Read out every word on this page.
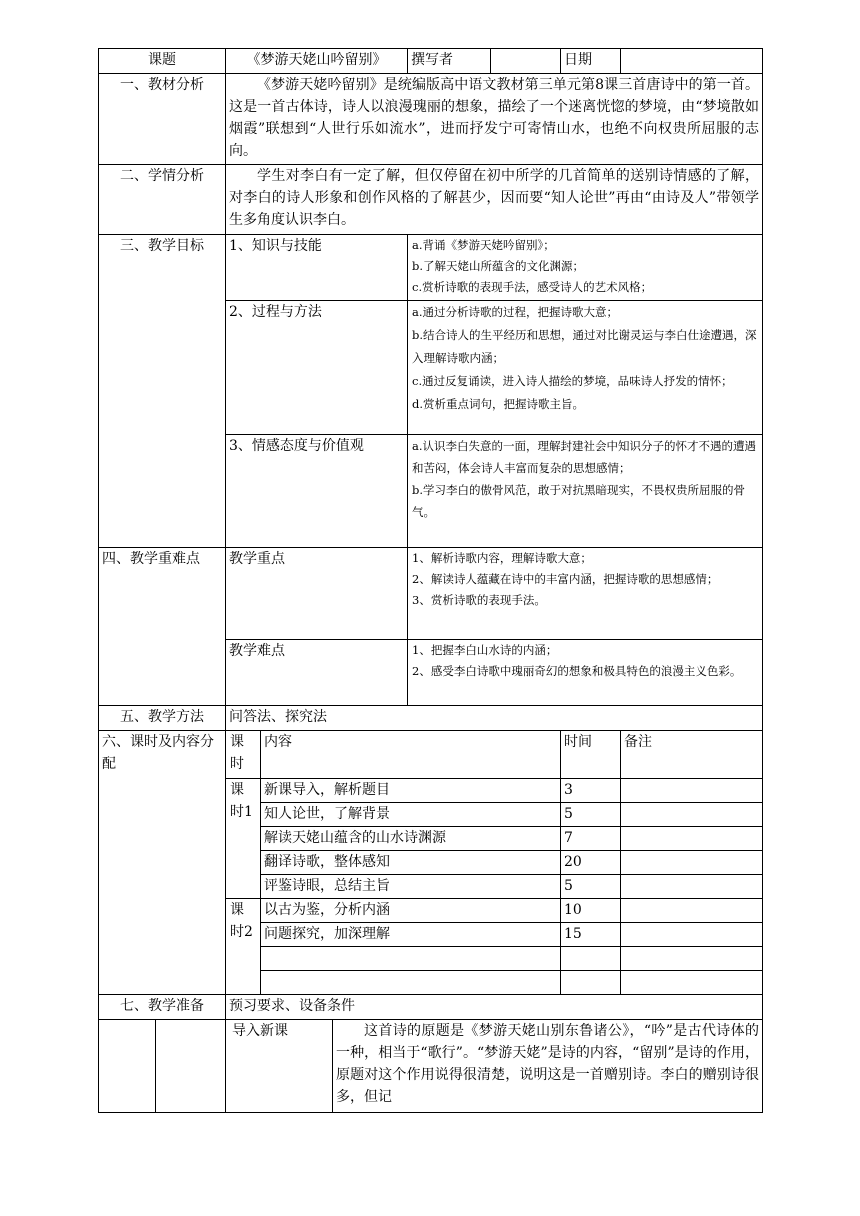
课题		《梦游天姥山吟留别》			撰写者		日期	
一、教材分析		《梦游天姥吟留别》是统编版高中语文教材第三单元第8课三首唐诗中的第一首。这是一首古体诗，诗人以浪漫瑰丽的想象，描绘了一个迷离恍惚的梦境，由“梦境散如烟霞”联想到“人世行乐如流水”，进而抒发宁可寄情山水，也绝不向权贵所屈服的志向。						
二、学情分析		学生对李白有一定了解，但仅停留在初中所学的几首简单的送别诗情感的了解，对李白的诗人形象和创作风格的了解甚少，因而要“知人论世”再由“由诗及人”带领学生多角度认识李白。						
三、教学目标		1、知识与技能			a.背诵《梦游天姥吟留别》；
b.了解天姥山所蕴含的文化渊源；
c.赏析诗歌的表现手法，感受诗人的艺术风格；			

		2、过程与方法			a.通过分析诗歌的过程，把握诗歌大意；
b.结合诗人的生平经历和思想，通过对比谢灵运与李白仕途遭遇，深入理解诗歌内涵；
c.通过反复诵读，进入诗人描绘的梦境，品味诗人抒发的情怀；
d.赏析重点词句，把握诗歌主旨。			

		3、情感态度与价值观			a.认识李白失意的一面，理解封建社会中知识分子的怀才不遇的遭遇和苦闷，体会诗人丰富而复杂的思想感情；
b.学习李白的傲骨风范，敢于对抗黑暗现实，不畏权贵所屈服的骨气。			

四、教学重难点		教学重点			1、解析诗歌内容，理解诗歌大意；
2、解读诗人蕴藏在诗中的丰富内涵，把握诗歌的思想感情；
3、赏析诗歌的表现手法。			

		教学难点			1、把握李白山水诗的内涵；
2、感受李白诗歌中瑰丽奇幻的想象和极具特色的浪漫主义色彩。			

五、教学方法		问答法、探究法						
六、课时及内容分配		课时	内容				时间	备注
		课时1	新课导入，解析题目				3	
			知人论世，了解背景				5	
			解读天姥山蕴含的山水诗渊源				7	
			翻译诗歌，整体感知				20	
			评鉴诗眼，总结主旨				5	
		课时2	以古为鉴，分析内涵				10	
			问题探究，加深理解				15	

七、教学准备		预习要求、设备条件						
		导入新课		这首诗的原题是《梦游天姥山别东鲁诸公》，“吟”是古代诗体的一种，相当于“歌行”。“梦游天姥”是诗的内容，“留别”是诗的作用，原题对这个作用说得很清楚，说明这是一首赠别诗。李白的赠别诗很多，但记				
